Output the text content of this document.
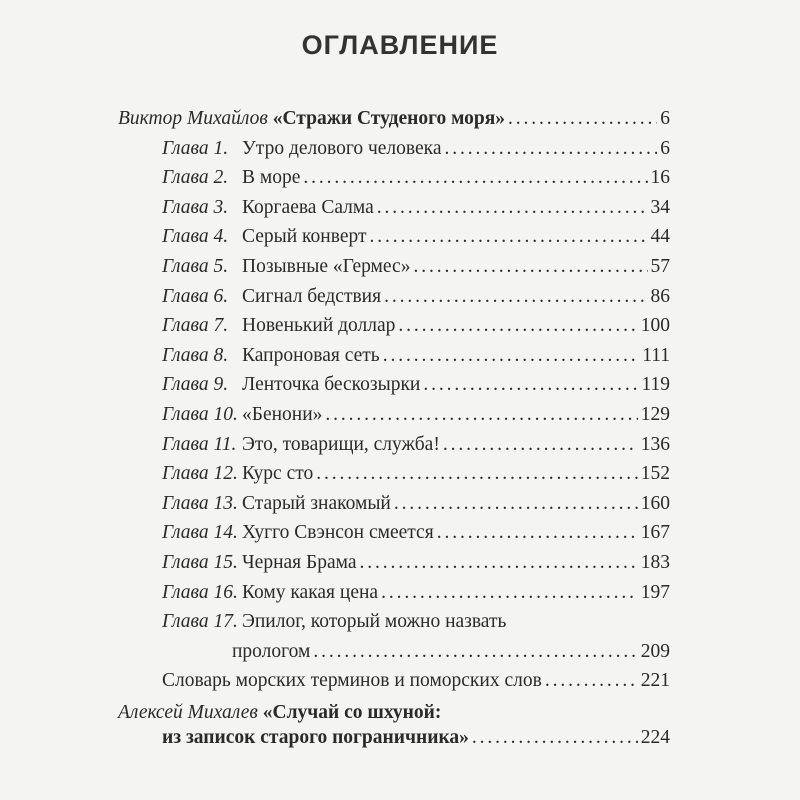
ОГЛАВЛЕНИЕ
Виктор Михайлов «Стражи Студеного моря» . . .	6
Глава 1. Утро делового человека . . .	6
Глава 2. В море . . .	16
Глава 3. Коргаева Салма . . .	34
Глава 4. Серый конверт . . .	44
Глава 5. Позывные «Гермес» . . .	57
Глава 6. Сигнал бедствия . . .	86
Глава 7. Новенький доллар . . .	100
Глава 8. Капроновая сеть . . .	111
Глава 9. Ленточка бескозырки . . .	119
Глава 10. «Бенони» . . .	129
Глава 11. Это, товарищи, служба! . . .	136
Глава 12. Курс сто . . .	152
Глава 13. Старый знакомый . . .	160
Глава 14. Хугго Свэнсон смеется . . .	167
Глава 15. Черная Брама . . .	183
Глава 16. Кому какая цена . . .	197
Глава 17. Эпилог, который можно назвать
прологом . . .	209
Словарь морских терминов и поморских слов . . .	221
Алексей Михалев «Случай со шхуной:
из записок старого пограничника» . . .	224
